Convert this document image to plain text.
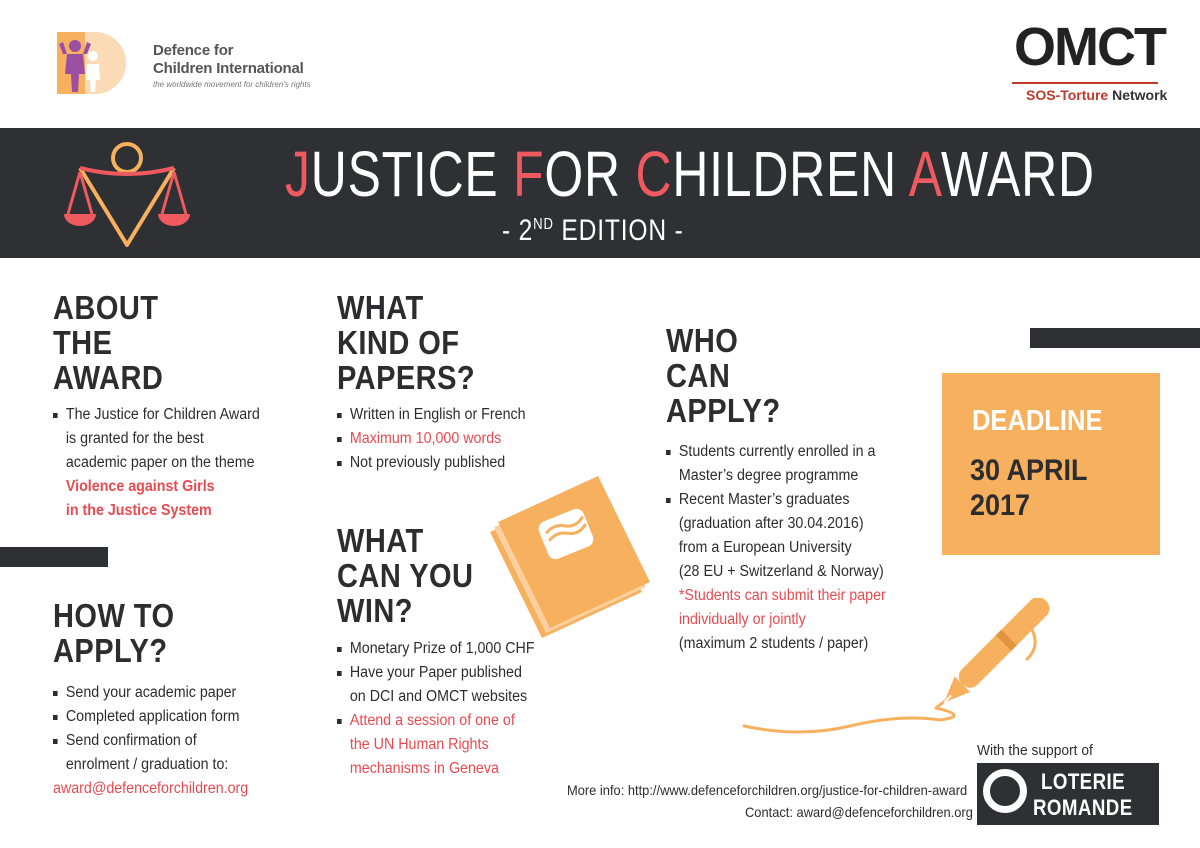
Defence for
Children International
the worldwide movement for children's rights
OMCT
SOS-Torture Network
JUSTICE FOR CHILDREN AWARD
- 2ND EDITION -
ABOUT
THE
AWARD
The Justice for Children Award
is granted for the best
academic paper on the theme
Violence against Girls
in the Justice System
HOW TO
APPLY?
Send your academic paper
Completed application form
Send confirmation of
enrolment / graduation to:
award@defenceforchildren.org
WHAT
KIND OF
PAPERS?
Written in English or French
Maximum 10,000 words
Not previously published
WHAT
CAN YOU
WIN?
Monetary Prize of 1,000 CHF
Have your Paper published
on DCI and OMCT websites
Attend a session of one of
the UN Human Rights
mechanisms in Geneva
WHO
CAN
APPLY?
Students currently enrolled in a
Master’s degree programme
Recent Master’s graduates
(graduation after 30.04.2016)
from a European University
(28 EU + Switzerland & Norway)
*Students can submit their paper
individually or jointly
(maximum 2 students / paper)
DEADLINE
30 APRIL
2017
More info: http://www.defenceforchildren.org/justice-for-children-award
Contact: award@defenceforchildren.org
With the support of
LOTERIE
ROMANDE
